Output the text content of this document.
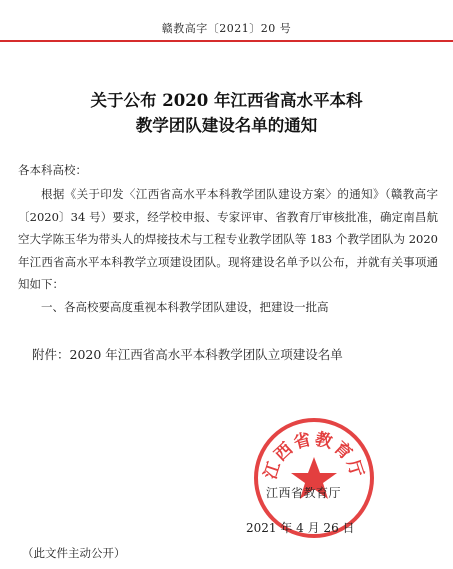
赣教高字〔2021〕20 号
关于公布 2020 年江西省高水平本科
教学团队建设名单的通知
各本科高校：

根据《关于印发〈江西省高水平本科教学团队建设方案〉的通知》（赣教高字〔2020〕34 号）要求，经学校申报、专家评审、省教育厅审核批准，确定南昌航空大学陈玉华为带头人的焊接技术与工程专业教学团队等 183 个教学团队为 2020 年江西省高水平本科教学立项建设团队。现将建设名单予以公布，并就有关事项通知如下：

一、各高校要高度重视本科教学团队建设，把建设一批高

附件：2020 年江西省高水平本科教学团队立项建设名单
江西省教育厅
江西省教育厅
2021 年 4 月 26 日
（此文件主动公开）
